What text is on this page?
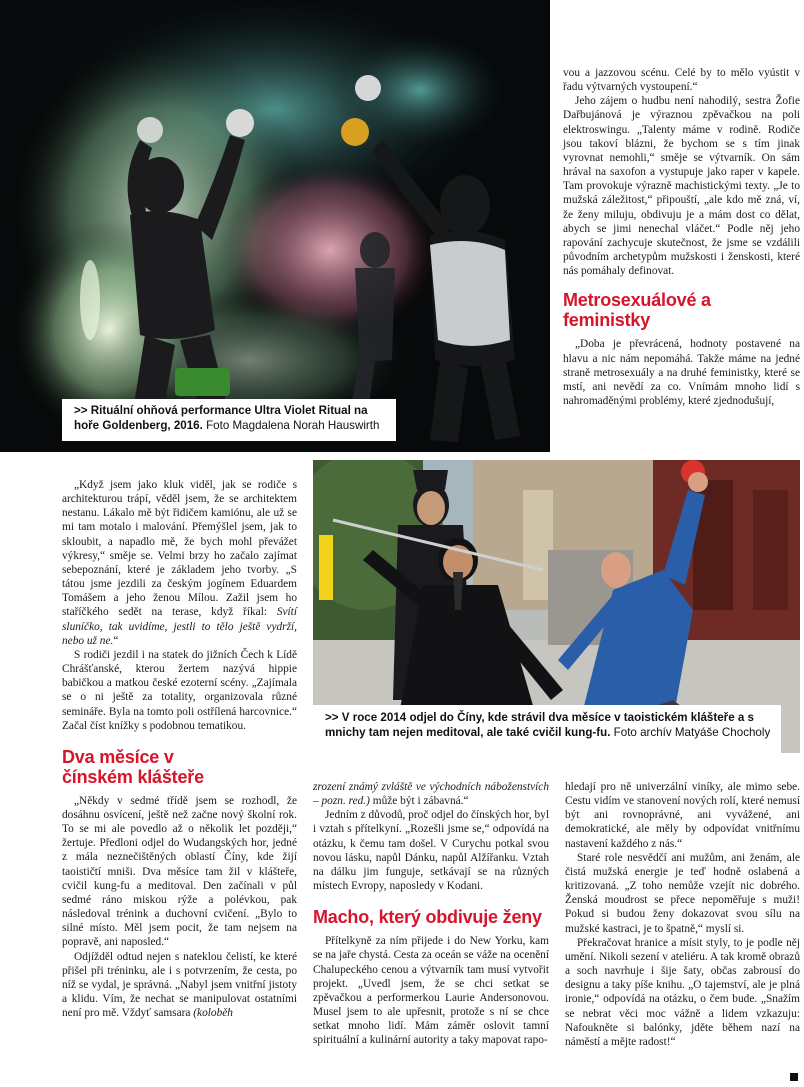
>> Rituální ohňová performance Ultra Violet Ritual na hoře Goldenberg, 2016. Foto Magdalena Norah Hauswirth

vou a jazzovou scénu. Celé by to mělo vyústit v řadu výtvarných vystoupení.“

Jeho zájem o hudbu není nahodilý, sestra Žofie Dařbujánová je výraznou zpěvačkou na poli elektroswingu. „Talenty máme v rodině. Rodiče jsou takoví blázni, že bychom se s tím jinak vyrovnat nemohli,“ směje se výtvarník. On sám hrával na saxofon a vystupuje jako raper v kapele. Tam provokuje výrazně machistickými texty. „Je to mužská záležitost,“ připouští, „ale kdo mě zná, ví, že ženy miluju, obdivuju je a mám dost co dělat, abych se jimi nenechal vláčet.“ Podle něj jeho rapování zachycuje skutečnost, že jsme se vzdálili původním archetypům mužskosti i ženskosti, které nás pomáhaly definovat.

Metrosexuálové a feministky

„Doba je převrácená, hodnoty postavené na hlavu a nic nám nepomáhá. Takže máme na jedné straně metrosexuály a na druhé feministky, které se mstí, ani nevědí za co. Vnímám mnoho lidí s nahromaděnými problémy, které zjednodušují,

>> V roce 2014 odjel do Číny, kde strávil dva měsíce v taoistickém klášteře a s mnichy tam nejen meditoval, ale také cvičil kung-fu. Foto archív Matyáše Chocholy

„Když jsem jako kluk viděl, jak se rodiče s architekturou trápí, věděl jsem, že se architektem nestanu. Lákalo mě být řidičem kamiónu, ale už se mi tam motalo i malování. Přemýšlel jsem, jak to skloubit, a napadlo mě, že bych mohl převážet výkresy,“ směje se. Velmi brzy ho začalo zajímat sebepoznání, které je základem jeho tvorby. „S tátou jsme jezdili za českým jogínem Eduardem Tomášem a jeho ženou Mílou. Zažil jsem ho staříčkého sedět na terase, když říkal: Svítí sluníčko, tak uvidíme, jestli to tělo ještě vydrží, nebo už ne.“

S rodiči jezdil i na statek do jižních Čech k Lídě Chrášťanské, kterou žertem nazývá hippie babičkou a matkou české ezoterní scény. „Zajímala se o ni ještě za totality, organizovala různé semináře. Byla na tomto poli ostřílená harcovnice.“ Začal číst knížky s podobnou tematikou.

Dva měsíce v čínském klášteře

„Někdy v sedmé třídě jsem se rozhodl, že dosáhnu osvícení, ještě než začne nový školní rok. To se mi ale povedlo až o několik let později,“ žertuje. Předloni odjel do Wudangských hor, jedné z mála neznečištěných oblastí Číny, kde žijí taoističtí mniši. Dva měsíce tam žil v klášteře, cvičil kung-fu a meditoval. Den začínali v půl sedmé ráno miskou rýže a polévkou, pak následoval trénink a duchovní cvičení. „Bylo to silné místo. Měl jsem pocit, že tam nejsem na popravě, ani naposled.“

Odjížděl odtud nejen s nateklou čelistí, ke které přišel při tréninku, ale i s potvrzením, že cesta, po níž se vydal, je správná. „Nabyl jsem vnitřní jistoty a klidu. Vím, že nechat se manipulovat ostatními není pro mě. Vždyť samsara (koloběh

zrození známý zvláště ve východních náboženstvích – pozn. red.) může být i zábavná.“

Jedním z důvodů, proč odjel do čínských hor, byl i vztah s přítelkyní. „Rozešli jsme se,“ odpovídá na otázku, k čemu tam došel. V Curychu potkal svou novou lásku, napůl Dánku, napůl Alžířanku. Vztah na dálku jim funguje, setkávají se na různých místech Evropy, naposledy v Kodani.

Macho, který obdivuje ženy

Přítelkyně za ním přijede i do New Yorku, kam se na jaře chystá. Cesta za oceán se váže na ocenění Chalupeckého cenou a výtvarník tam musí vytvořit projekt. „Uvedl jsem, že se chci setkat se zpěvačkou a performerkou Laurie Andersonovou. Musel jsem to ale upřesnit, protože s ní se chce setkat mnoho lidí. Mám záměr oslovit tamní spirituální a kulinární autority a taky mapovat rapo-

hledají pro ně univerzální viníky, ale mimo sebe. Cestu vidím ve stanovení nových rolí, které nemusí být ani rovnoprávné, ani vyvážené, ani demokratické, ale měly by odpovídat vnitřnímu nastavení každého z nás.“

Staré role nesvědčí ani mužům, ani ženám, ale čistá mužská energie je teď hodně oslabená a kritizovaná. „Z toho nemůže vzejít nic dobrého. Ženská moudrost se přece nepoměřuje s muži! Pokud si budou ženy dokazovat svou sílu na mužské kastraci, je to špatně,“ myslí si.

Překračovat hranice a mísit styly, to je podle něj umění. Nikoli sezení v ateliéru. A tak kromě obrazů a soch navrhuje i šije šaty, občas zabrousí do designu a taky píše knihu. „O tajemství, ale je plná ironie,“ odpovídá na otázku, o čem bude. „Snažím se nebrat věci moc vážně a lidem vzkazuju: Nafoukněte si balónky, jděte během nazí na náměstí a mějte radost!“
